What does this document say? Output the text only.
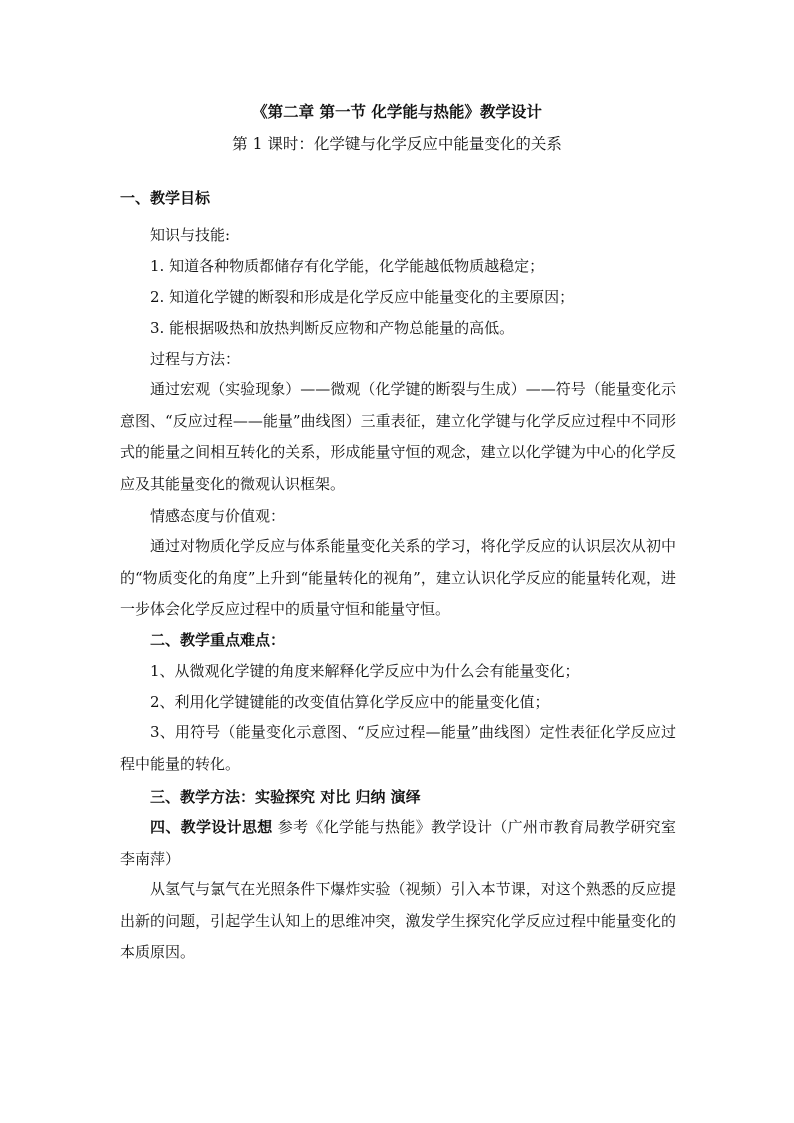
《第二章 第一节 化学能与热能》教学设计
第 1 课时：化学键与化学反应中能量变化的关系
一、教学目标
知识与技能:
1. 知道各种物质都储存有化学能，化学能越低物质越稳定；
2. 知道化学键的断裂和形成是化学反应中能量变化的主要原因；
3. 能根据吸热和放热判断反应物和产物总能量的高低。
过程与方法：
通过宏观（实验现象）——微观（化学键的断裂与生成）——符号（能量变化示意图、“反应过程——能量”曲线图）三重表征，建立化学键与化学反应过程中不同形式的能量之间相互转化的关系，形成能量守恒的观念，建立以化学键为中心的化学反应及其能量变化的微观认识框架。
情感态度与价值观：
通过对物质化学反应与体系能量变化关系的学习，将化学反应的认识层次从初中的“物质变化的角度”上升到“能量转化的视角”，建立认识化学反应的能量转化观，进一步体会化学反应过程中的质量守恒和能量守恒。
二、教学重点难点：
1、从微观化学键的角度来解释化学反应中为什么会有能量变化；
2、利用化学键键能的改变值估算化学反应中的能量变化值；
3、用符号（能量变化示意图、“反应过程—能量”曲线图）定性表征化学反应过程中能量的转化。
三、教学方法：实验探究 对比 归纳 演绎
四、教学设计思想 参考《化学能与热能》教学设计（广州市教育局教学研究室李南萍）
从氢气与氯气在光照条件下爆炸实验（视频）引入本节课，对这个熟悉的反应提出新的问题，引起学生认知上的思维冲突，激发学生探究化学反应过程中能量变化的本质原因。
